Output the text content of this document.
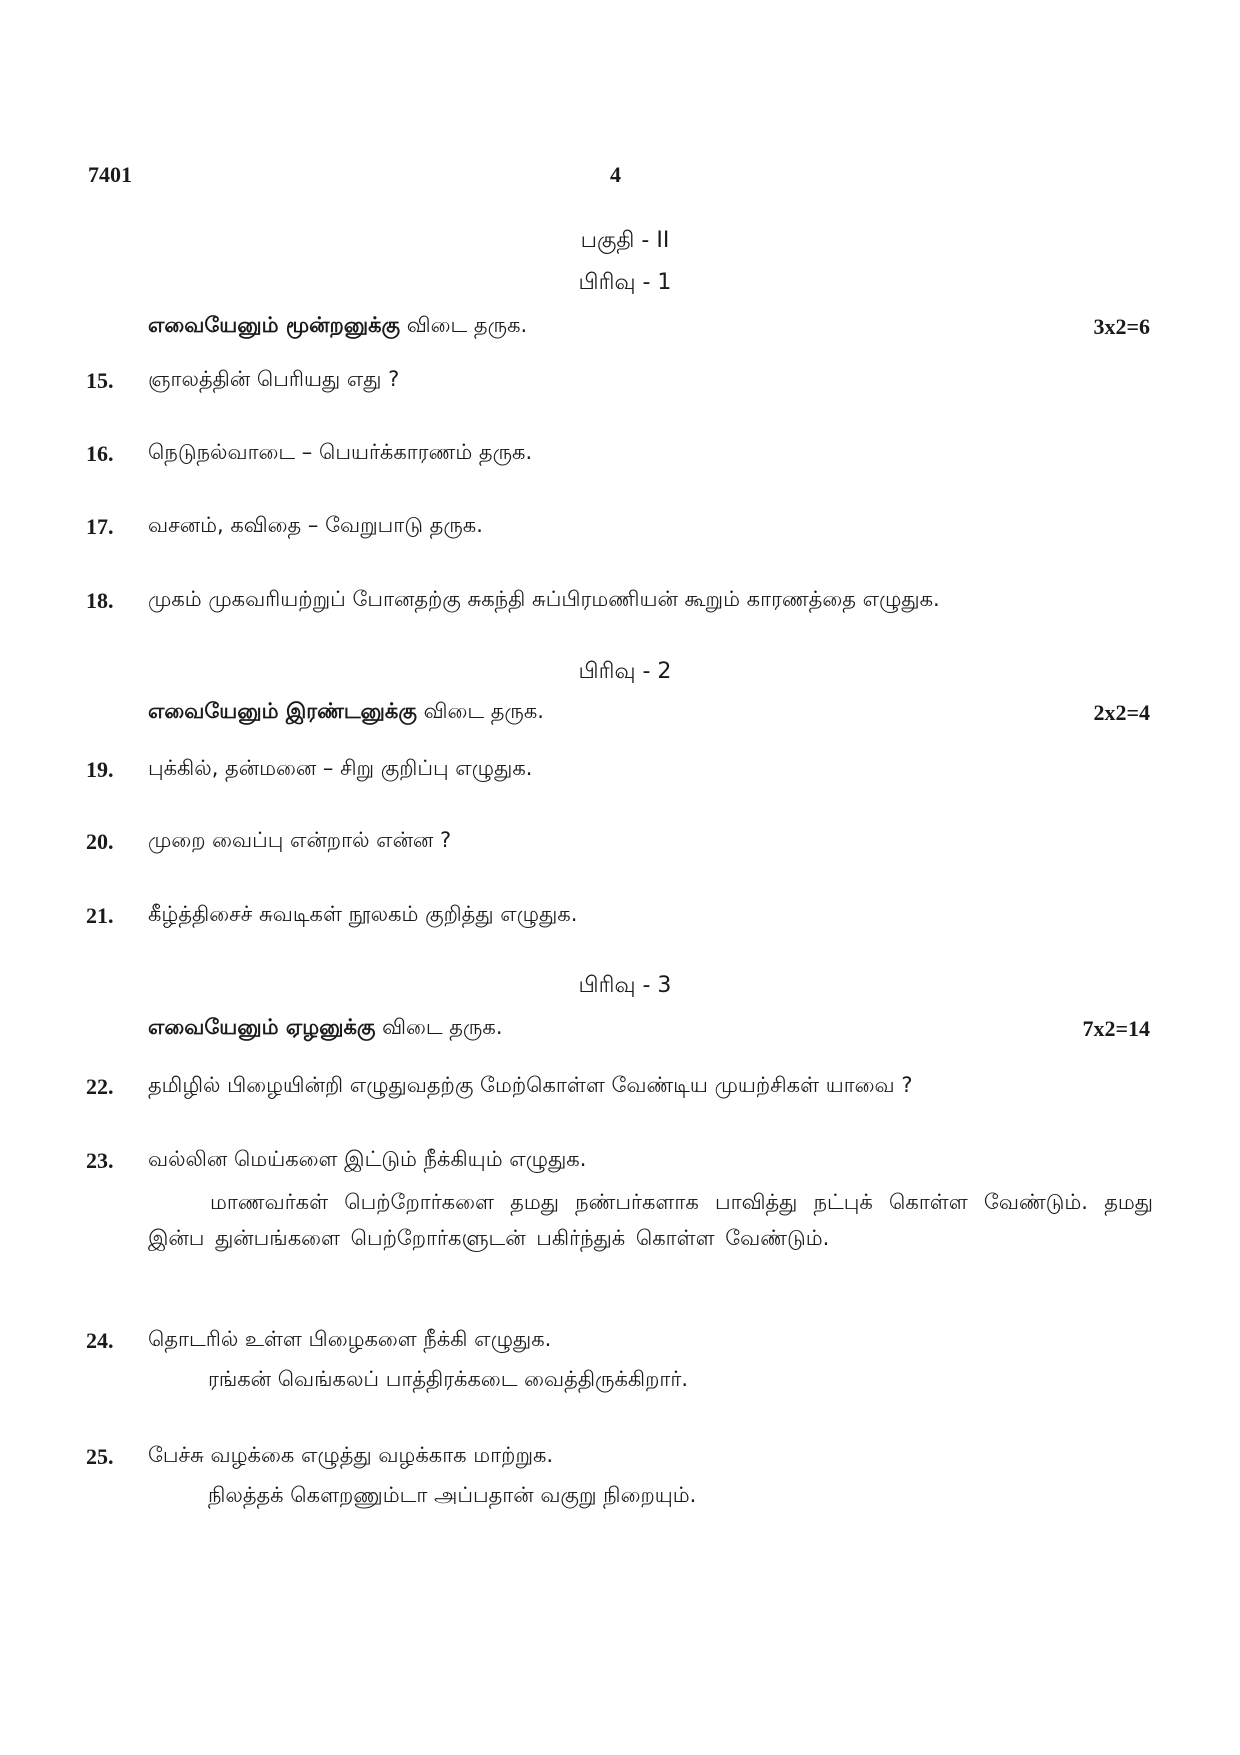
7401	4
பகுதி - II
பிரிவு - 1
எவையேனும் மூன்றனுக்கு விடை தருக.	3x2=6
15.	ஞாலத்தின் பெரியது எது ?
16.	நெடுநல்வாடை – பெயர்க்காரணம் தருக.
17.	வசனம், கவிதை – வேறுபாடு தருக.
18.	முகம் முகவரியற்றுப் போனதற்கு சுகந்தி சுப்பிரமணியன் கூறும் காரணத்தை எழுதுக.
பிரிவு - 2
எவையேனும் இரண்டனுக்கு விடை தருக.	2x2=4
19.	புக்கில், தன்மனை – சிறு குறிப்பு எழுதுக.
20.	முறை வைப்பு என்றால் என்ன ?
21.	கீழ்த்திசைச் சுவடிகள் நூலகம் குறித்து எழுதுக.
பிரிவு - 3
எவையேனும் ஏழனுக்கு விடை தருக.	7x2=14
22.	தமிழில் பிழையின்றி எழுதுவதற்கு மேற்கொள்ள வேண்டிய முயற்சிகள் யாவை ?
23.	வல்லின மெய்களை இட்டும் நீக்கியும் எழுதுக.
மாணவர்கள் பெற்றோர்களை தமது நண்பர்களாக பாவித்து நட்புக் கொள்ள வேண்டும். தமது இன்ப துன்பங்களை பெற்றோர்களுடன் பகிர்ந்துக் கொள்ள வேண்டும்.
24.	தொடரில் உள்ள பிழைகளை நீக்கி எழுதுக.
ரங்கன் வெங்கலப் பாத்திரக்கடை வைத்திருக்கிறார்.
25.	பேச்சு வழக்கை எழுத்து வழக்காக மாற்றுக.
நிலத்தக் கௌறணும்டா அப்பதான் வகுறு நிறையும்.
